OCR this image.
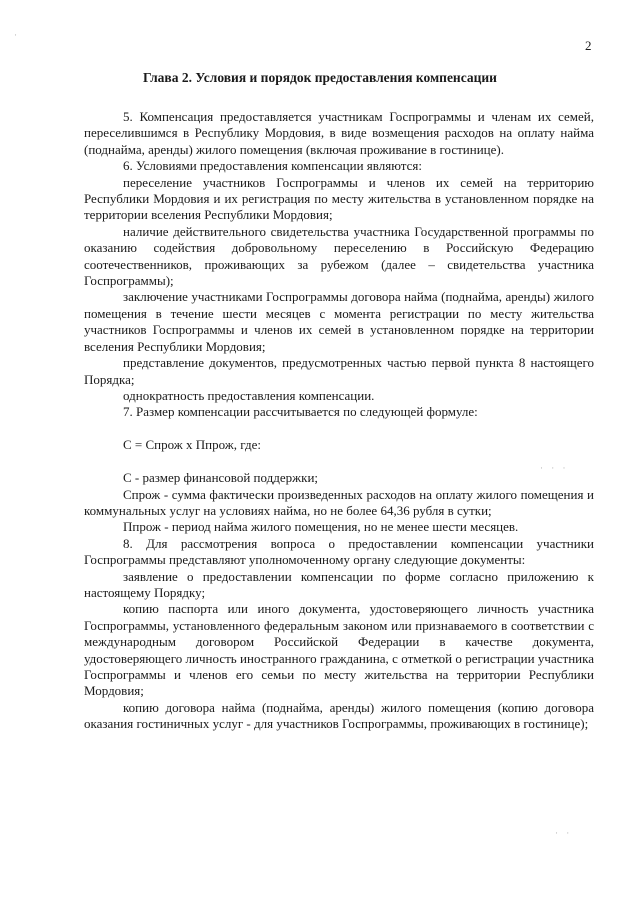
2
Глава 2. Условия и порядок предоставления компенсации

5. Компенсация предоставляется участникам Госпрограммы и членам их семей, переселившимся в Республику Мордовия, в виде возмещения расходов на оплату найма (поднайма, аренды) жилого помещения (включая проживание в гостинице).

6. Условиями предоставления компенсации являются:

переселение участников Госпрограммы и членов их семей на территорию Республики Мордовия и их регистрация по месту жительства в установленном порядке на территории вселения Республики Мордовия;

наличие действительного свидетельства участника Государственной программы по оказанию содействия добровольному переселению в Российскую Федерацию соотечественников, проживающих за рубежом (далее – свидетельства участника Госпрограммы);

заключение участниками Госпрограммы договора найма (поднайма, аренды) жилого помещения в течение шести месяцев с момента регистрации по месту жительства участников Госпрограммы и членов их семей в установленном порядке на территории вселения Республики Мордовия;

представление документов, предусмотренных частью первой пункта 8 настоящего Порядка;

однократность предоставления компенсации.

7. Размер компенсации рассчитывается по следующей формуле:

С = Спрож х Ппрож, где:

С - размер финансовой поддержки;

Спрож - сумма фактически произведенных расходов на оплату жилого помещения и коммунальных услуг на условиях найма, но не более 64,36 рубля в сутки;

Ппрож - период найма жилого помещения, но не менее шести месяцев.

8. Для рассмотрения вопроса о предоставлении компенсации участники Госпрограммы представляют уполномоченному органу следующие документы:

заявление о предоставлении компенсации по форме согласно приложению к настоящему Порядку;

копию паспорта или иного документа, удостоверяющего личность участника Госпрограммы, установленного федеральным законом или признаваемого в соответствии с международным договором Российской Федерации в качестве документа, удостоверяющего личность иностранного гражданина, с отметкой о регистрации участника Госпрограммы и членов его семьи по месту жительства на территории Республики Мордовия;

копию договора найма (поднайма, аренды) жилого помещения (копию договора оказания гостиничных услуг - для участников Госпрограммы, проживающих в гостинице);

·
· · ·
· ·
